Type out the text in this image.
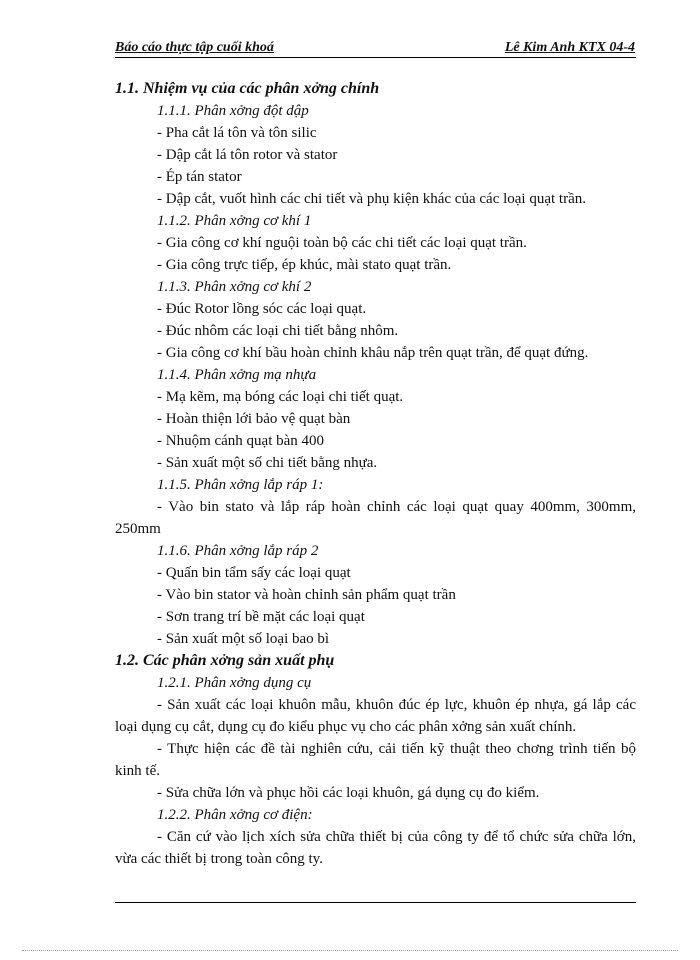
Báo cáo thực tập cuối khoá	Lê Kim Anh KTX 04-4
1.1. Nhiệm vụ của các phân xởng chính
1.1.1. Phân xởng đột dập
- Pha cắt lá tôn và tôn silic
- Dập cắt lá tôn rotor và stator
- Ép tán stator
- Dập cắt, vuốt hình các chi tiết và phụ kiện khác của các loại quạt trần.
1.1.2. Phân xởng cơ khí 1
- Gia công cơ khí nguội toàn bộ các chi tiết các loại quạt trần.
- Gia công trực tiếp, ép khúc, mài stato quạt trần.
1.1.3. Phân xởng cơ khí 2
- Đúc Rotor lồng sóc các loại quạt.
- Đúc nhôm các loại chi tiết bằng nhôm.
- Gia công cơ khí bầu hoàn chỉnh khâu nắp trên quạt trần, để quạt đứng.
1.1.4. Phân xởng mạ nhựa
- Mạ kẽm, mạ bóng các loại chi tiết quạt.
- Hoàn thiện lới bảo vệ quạt bàn
- Nhuộm cánh quạt bàn 400
- Sản xuất một số chi tiết bằng nhựa.
1.1.5. Phân xởng lắp ráp 1:
- Vào bin stato và lắp ráp hoàn chỉnh các loại quạt quay 400mm, 300mm, 250mm
1.1.6. Phân xởng lắp ráp 2
- Quấn bin tẩm sấy các loại quạt
- Vào bin stator và hoàn chỉnh sản phẩm quạt trần
- Sơn trang trí bề mặt các loại quạt
- Sản xuất một số loại bao bì
1.2. Các phân xởng sản xuất phụ
1.2.1. Phân xởng dụng cụ
- Sản xuất các loại khuôn mẫu, khuôn đúc ép lực, khuôn ép nhựa, gá lắp các loại dụng cụ cắt, dụng cụ đo kiểu phục vụ cho các phân xởng sản xuất chính.
- Thực hiện các đề tài nghiên cứu, cải tiến kỹ thuật theo chơng trình tiến bộ kinh tế.
- Sửa chữa lớn và phục hồi các loại khuôn, gá dụng cụ đo kiểm.
1.2.2. Phân xởng cơ điện:
- Căn cứ vào lịch xích sửa chữa thiết bị của công ty để tổ chức sửa chữa lớn, vừa các thiết bị trong toàn công ty.
